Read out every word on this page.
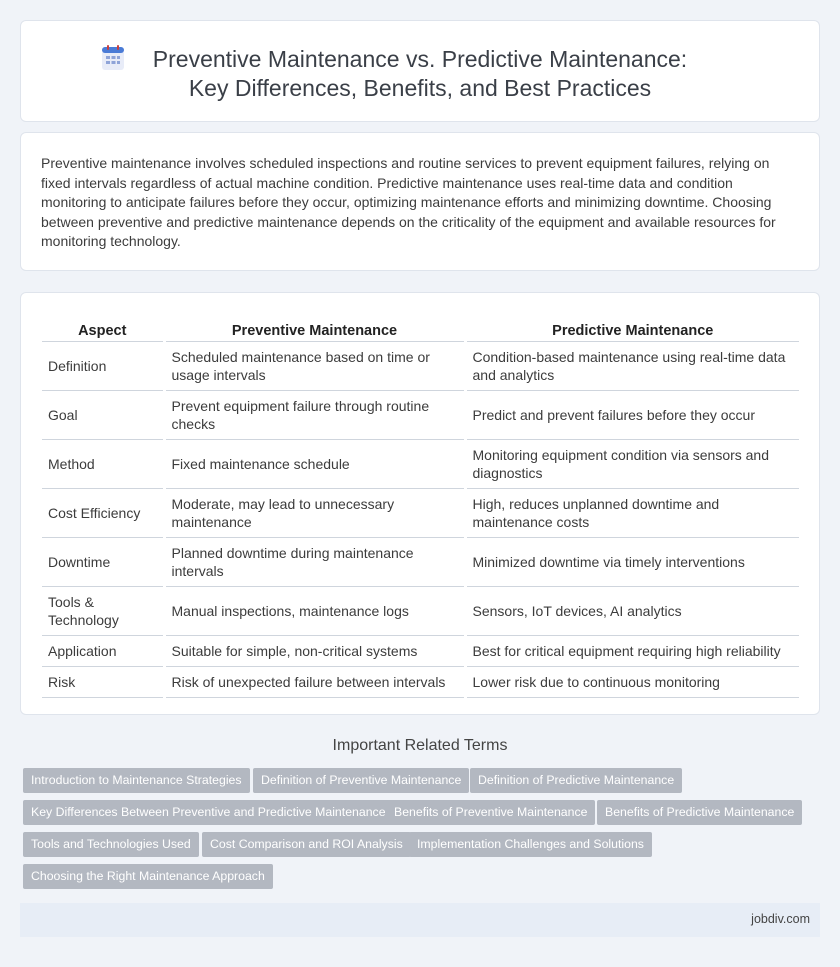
Preventive Maintenance vs. Predictive Maintenance: Key Differences, Benefits, and Best Practices

Preventive maintenance involves scheduled inspections and routine services to prevent equipment failures, relying on fixed intervals regardless of actual machine condition. Predictive maintenance uses real-time data and condition monitoring to anticipate failures before they occur, optimizing maintenance efforts and minimizing downtime. Choosing between preventive and predictive maintenance depends on the criticality of the equipment and available resources for monitoring technology.

Aspect	Preventive Maintenance	Predictive Maintenance
Definition	Scheduled maintenance based on time or usage intervals	Condition-based maintenance using real-time data and analytics
Goal	Prevent equipment failure through routine checks	Predict and prevent failures before they occur
Method	Fixed maintenance schedule	Monitoring equipment condition via sensors and diagnostics
Cost Efficiency	Moderate, may lead to unnecessary maintenance	High, reduces unplanned downtime and maintenance costs
Downtime	Planned downtime during maintenance intervals	Minimized downtime via timely interventions
Tools & Technology	Manual inspections, maintenance logs	Sensors, IoT devices, AI analytics
Application	Suitable for simple, non-critical systems	Best for critical equipment requiring high reliability
Risk	Risk of unexpected failure between intervals	Lower risk due to continuous monitoring
Important Related Terms
Introduction to Maintenance Strategies	Definition of Preventive Maintenance	Definition of Predictive Maintenance
Key Differences Between Preventive and Predictive Maintenance Benefits of Preventive Maintenance	Benefits of Predictive Maintenance
Tools and Technologies Used	Cost Comparison and ROI Analysis	Implementation Challenges and Solutions
Choosing the Right Maintenance Approach
jobdiv.com
